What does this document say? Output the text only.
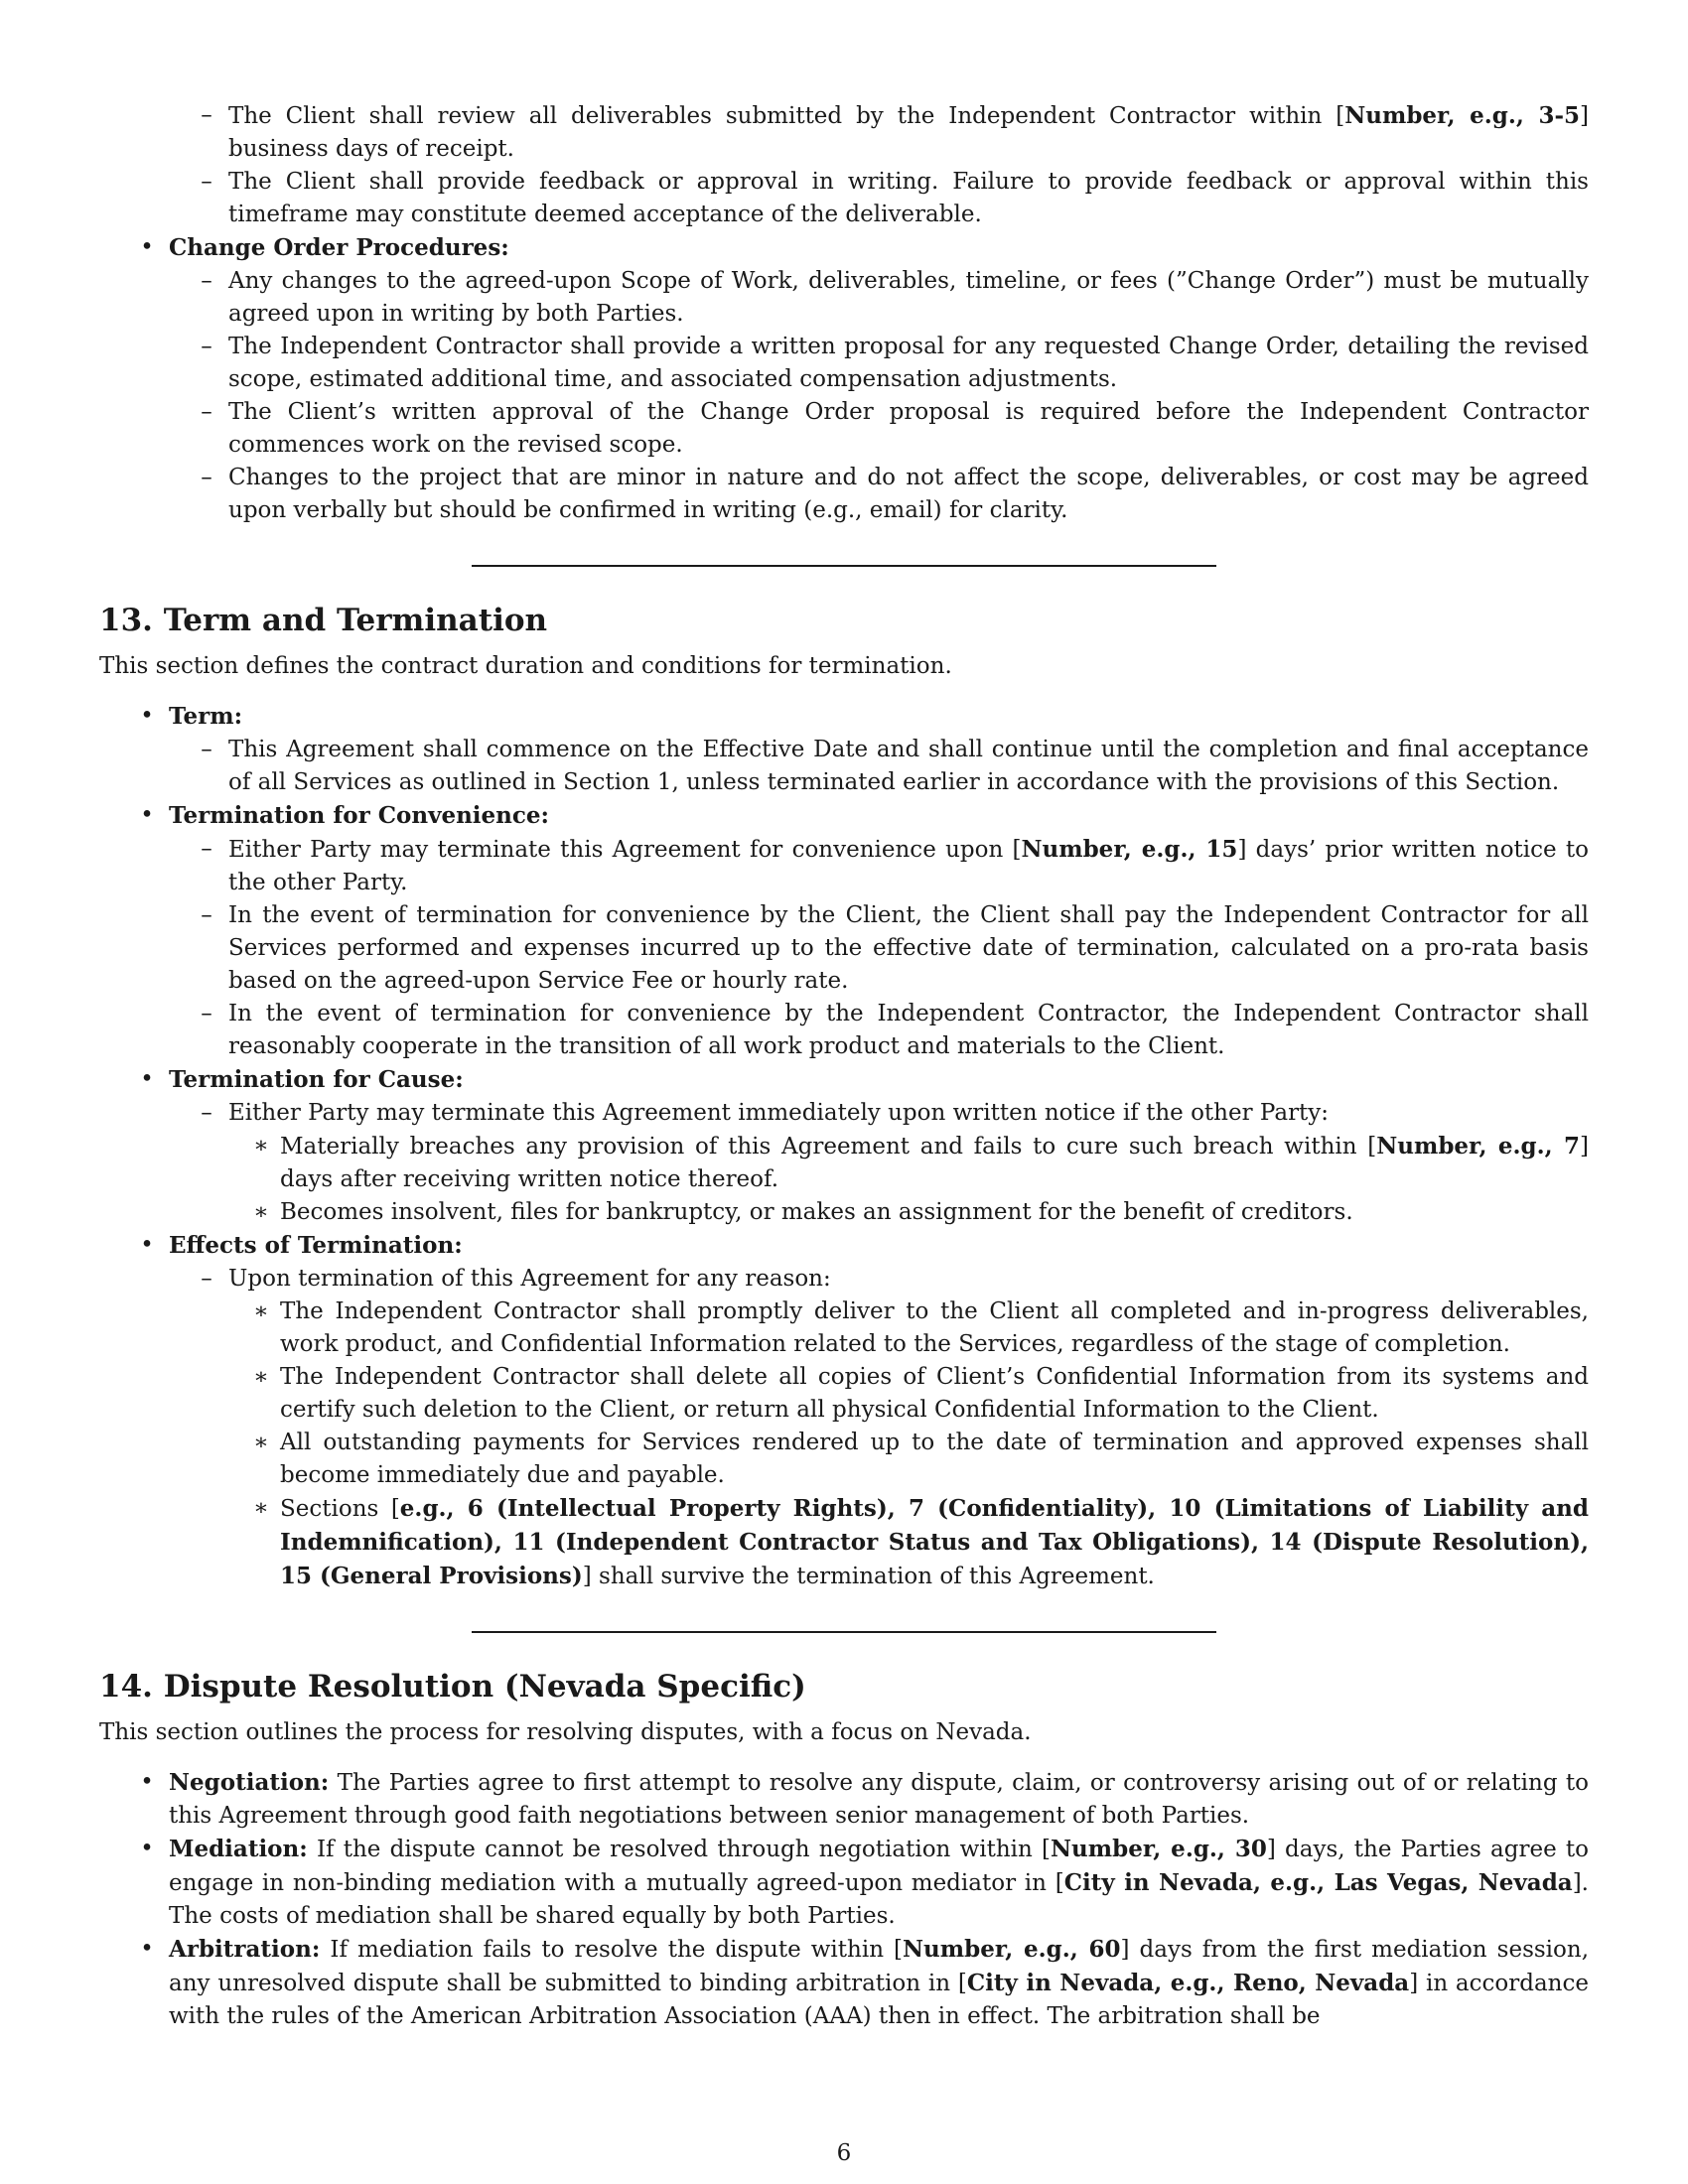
– The Client shall review all deliverables submitted by the Independent Contractor within [Number, e.g., 3-5] business days of receipt.
– The Client shall provide feedback or approval in writing. Failure to provide feedback or approval within this timeframe may constitute deemed acceptance of the deliverable.
• Change Order Procedures:
– Any changes to the agreed-upon Scope of Work, deliverables, timeline, or fees (”Change Order”) must be mutually agreed upon in writing by both Parties.
– The Independent Contractor shall provide a written proposal for any requested Change Order, detailing the revised scope, estimated additional time, and associated compensation adjustments.
– The Client’s written approval of the Change Order proposal is required before the Independent Contractor commences work on the revised scope.
– Changes to the project that are minor in nature and do not affect the scope, deliverables, or cost may be agreed upon verbally but should be confirmed in writing (e.g., email) for clarity.
13. Term and Termination

This section defines the contract duration and conditions for termination.

• Term:
– This Agreement shall commence on the Effective Date and shall continue until the completion and final acceptance of all Services as outlined in Section 1, unless terminated earlier in accordance with the provisions of this Section.
• Termination for Convenience:
– Either Party may terminate this Agreement for convenience upon [Number, e.g., 15] days’ prior written notice to the other Party.
– In the event of termination for convenience by the Client, the Client shall pay the Independent Contractor for all Services performed and expenses incurred up to the effective date of termination, calculated on a pro-rata basis based on the agreed-upon Service Fee or hourly rate.
– In the event of termination for convenience by the Independent Contractor, the Independent Contractor shall reasonably cooperate in the transition of all work product and materials to the Client.
• Termination for Cause:
– Either Party may terminate this Agreement immediately upon written notice if the other Party:
∗ Materially breaches any provision of this Agreement and fails to cure such breach within [Number, e.g., 7] days after receiving written notice thereof.
∗ Becomes insolvent, files for bankruptcy, or makes an assignment for the benefit of creditors.
• Effects of Termination:
– Upon termination of this Agreement for any reason:
∗ The Independent Contractor shall promptly deliver to the Client all completed and in-progress deliverables, work product, and Confidential Information related to the Services, regardless of the stage of completion.
∗ The Independent Contractor shall delete all copies of Client’s Confidential Information from its systems and certify such deletion to the Client, or return all physical Confidential Information to the Client.
∗ All outstanding payments for Services rendered up to the date of termination and approved expenses shall become immediately due and payable.
∗ Sections [e.g., 6 (Intellectual Property Rights), 7 (Confidentiality), 10 (Limitations of Liability and Indemnification), 11 (Independent Contractor Status and Tax Obligations), 14 (Dispute Resolution), 15 (General Provisions)] shall survive the termination of this Agreement.
14. Dispute Resolution (Nevada Specific)

This section outlines the process for resolving disputes, with a focus on Nevada.

• Negotiation: The Parties agree to first attempt to resolve any dispute, claim, or controversy arising out of or relating to this Agreement through good faith negotiations between senior management of both Parties.
• Mediation: If the dispute cannot be resolved through negotiation within [Number, e.g., 30] days, the Parties agree to engage in non-binding mediation with a mutually agreed-upon mediator in [City in Nevada, e.g., Las Vegas, Nevada]. The costs of mediation shall be shared equally by both Parties.
• Arbitration: If mediation fails to resolve the dispute within [Number, e.g., 60] days from the first mediation session, any unresolved dispute shall be submitted to binding arbitration in [City in Nevada, e.g., Reno, Nevada] in accordance with the rules of the American Arbitration Association (AAA) then in effect. The arbitration shall be
6
